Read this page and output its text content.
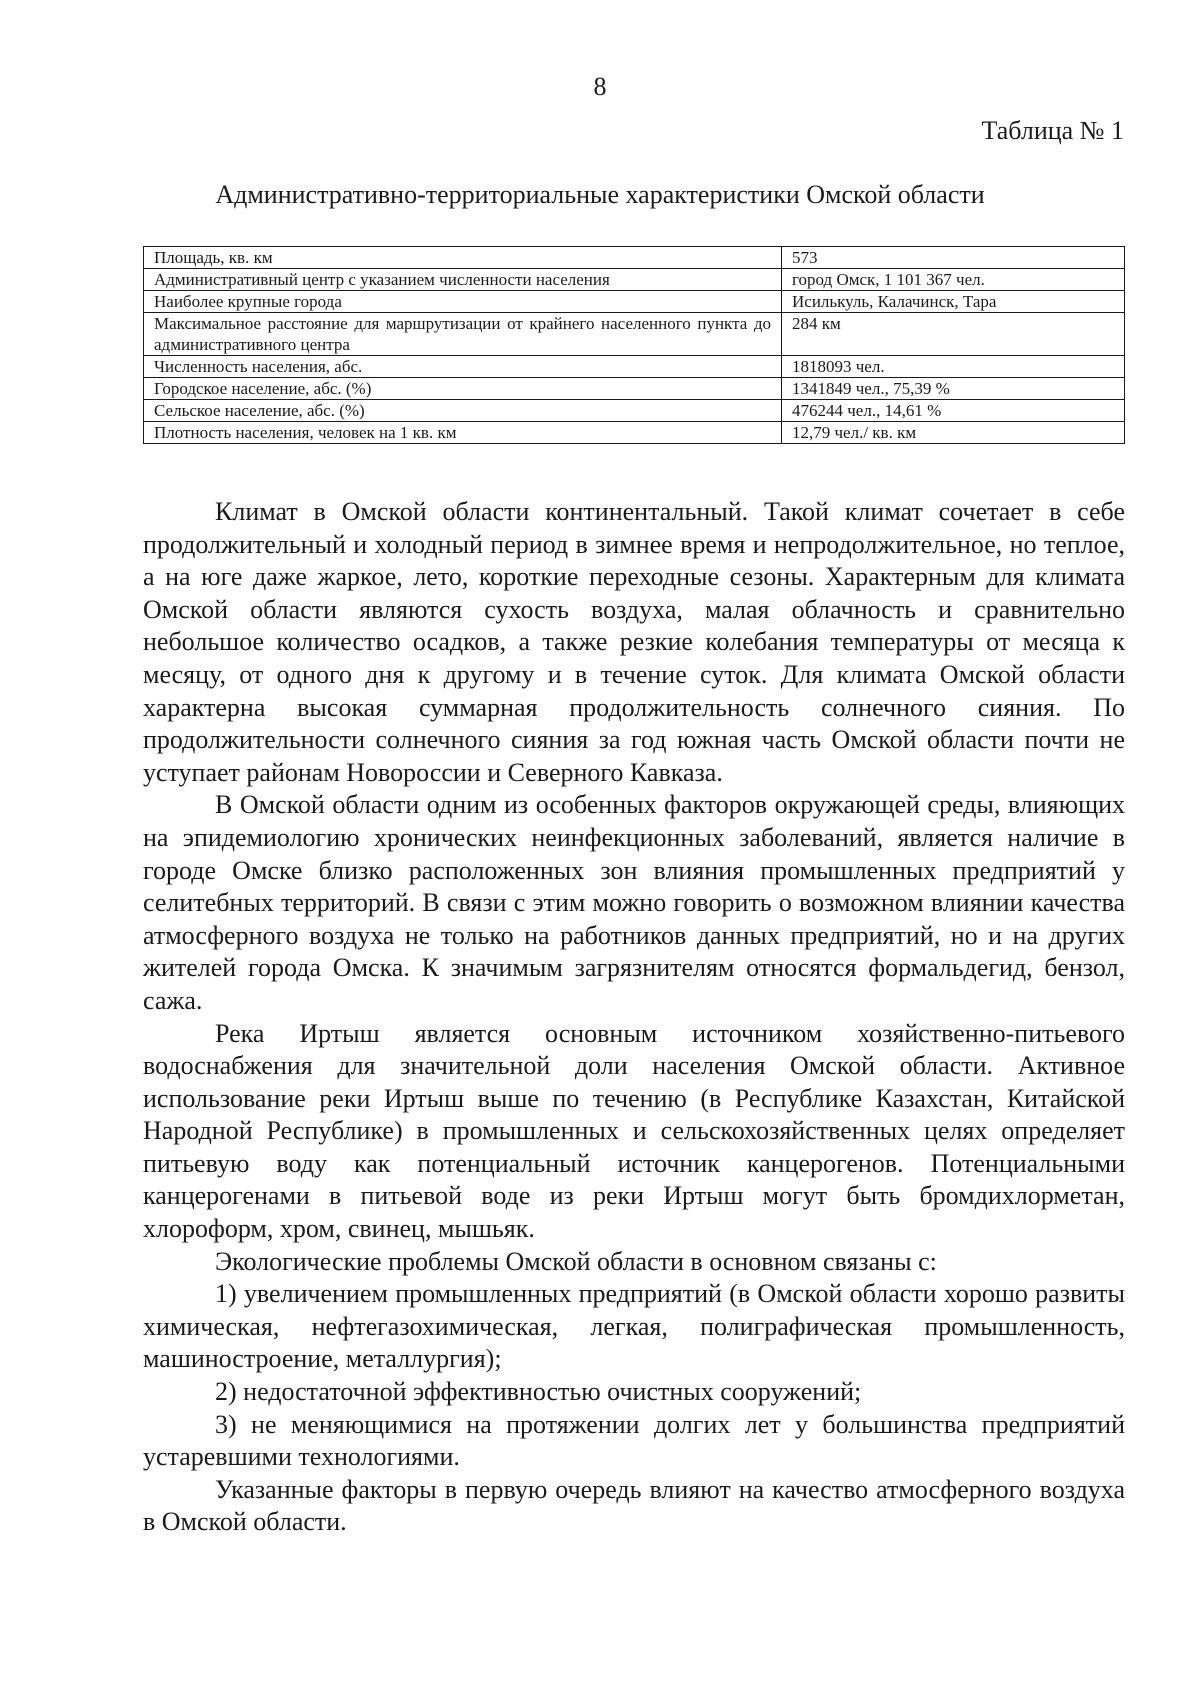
8
Таблица № 1
Административно-территориальные характеристики Омской области
Площадь, кв. км	573
Административный центр с указанием численности населения	город Омск, 1 101 367 чел.
Наиболее крупные города	Исилькуль, Калачинск, Тара
Максимальное расстояние для маршрутизации от крайнего населенного пункта до административного центра	284 км
Численность населения, абс.	1818093 чел.
Городское население, абс. (%)	1341849 чел., 75,39 %
Сельское население, абс. (%)	476244 чел., 14,61 %
Плотность населения, человек на 1 кв. км	12,79 чел./ кв. км

Климат в Омской области континентальный. Такой климат сочетает в себе продолжительный и холодный период в зимнее время и непродолжительное, но теплое, а на юге даже жаркое, лето, короткие переходные сезоны. Характерным для климата Омской области являются сухость воздуха, малая облачность и сравнительно небольшое количество осадков, а также резкие колебания температуры от месяца к месяцу, от одного дня к другому и в течение суток. Для климата Омской области характерна высокая суммарная продолжительность солнечного сияния. По продолжительности солнечного сияния за год южная часть Омской области почти не уступает районам Новороссии и Северного Кавказа.

В Омской области одним из особенных факторов окружающей среды, влияющих на эпидемиологию хронических неинфекционных заболеваний, является наличие в городе Омске близко расположенных зон влияния промышленных предприятий у селитебных территорий. В связи с этим можно говорить о возможном влиянии качества атмосферного воздуха не только на работников данных предприятий, но и на других жителей города Омска. К значимым загрязнителям относятся формальдегид, бензол, сажа.

Река Иртыш является основным источником хозяйственно-питьевого водоснабжения для значительной доли населения Омской области. Активное использование реки Иртыш выше по течению (в Республике Казахстан, Китайской Народной Республике) в промышленных и сельскохозяйственных целях определяет питьевую воду как потенциальный источник канцерогенов. Потенциальными канцерогенами в питьевой воде из реки Иртыш могут быть бромдихлорметан, хлороформ, хром, свинец, мышьяк.

Экологические проблемы Омской области в основном связаны с:

1) увеличением промышленных предприятий (в Омской области хорошо развиты химическая, нефтегазохимическая, легкая, полиграфическая промышленность, машиностроение, металлургия);

2) недостаточной эффективностью очистных сооружений;

3) не меняющимися на протяжении долгих лет у большинства предприятий устаревшими технологиями.

Указанные факторы в первую очередь влияют на качество атмосферного воздуха в Омской области.
